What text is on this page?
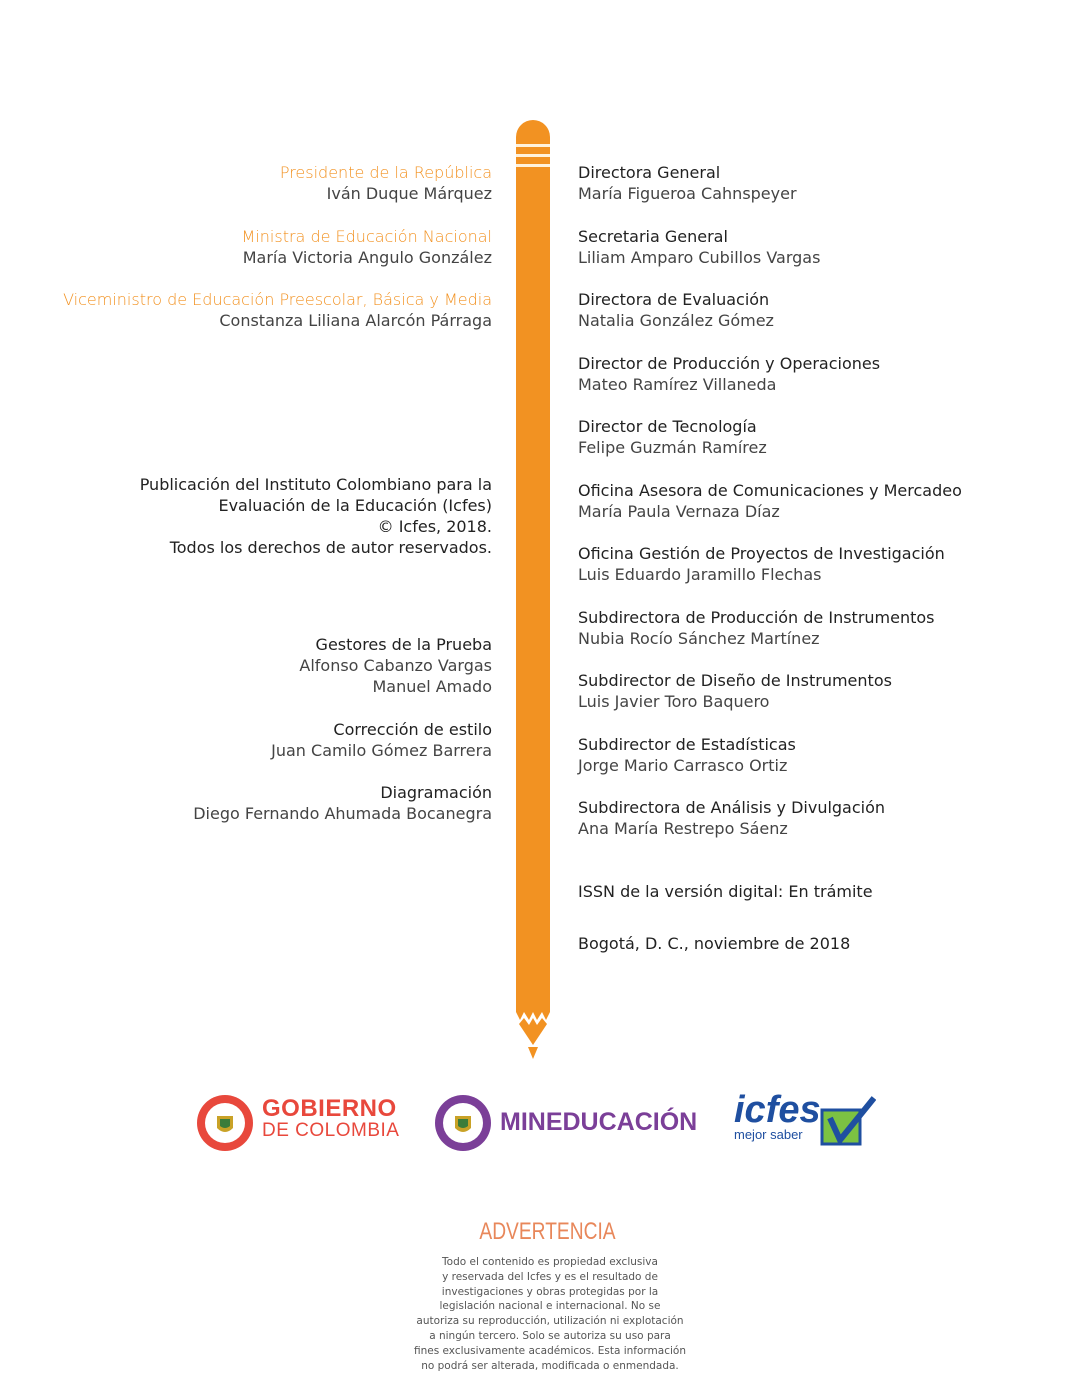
Presidente de la República
Iván Duque Márquez
Ministra de Educación Nacional
María Victoria Angulo González
Viceministro de Educación Preescolar, Básica y Media
Constanza Liliana Alarcón Párraga
Publicación del Instituto Colombiano para la
Evaluación de la Educación (Icfes)
© Icfes, 2018.
Todos los derechos de autor reservados.
Gestores de la Prueba
Alfonso Cabanzo Vargas
Manuel Amado
Corrección de estilo
Juan Camilo Gómez Barrera
Diagramación
Diego Fernando Ahumada Bocanegra
Directora General
María Figueroa Cahnspeyer
Secretaria General
Liliam Amparo Cubillos Vargas
Directora de Evaluación
Natalia González Gómez
Director de Producción y Operaciones
Mateo Ramírez Villaneda
Director de Tecnología
Felipe Guzmán Ramírez
Oficina Asesora de Comunicaciones y Mercadeo
María Paula Vernaza Díaz
Oficina Gestión de Proyectos de Investigación
Luis Eduardo Jaramillo Flechas
Subdirectora de Producción de Instrumentos
Nubia Rocío Sánchez Martínez
Subdirector de Diseño de Instrumentos
Luis Javier Toro Baquero
Subdirector de Estadísticas
Jorge Mario Carrasco Ortiz
Subdirectora de Análisis y Divulgación
Ana María Restrepo Sáenz
ISSN de la versión digital: En trámite
Bogotá, D. C., noviembre de 2018
GOBIERNO
DE COLOMBIA	MINEDUCACIÓN icfes
mejor saber
ADVERTENCIA
Todo el contenido es propiedad exclusiva
y reservada del Icfes y es el resultado de
investigaciones y obras protegidas por la
legislación nacional e internacional. No se
autoriza su reproducción, utilización ni explotación
a ningún tercero. Solo se autoriza su uso para
fines exclusivamente académicos. Esta información
no podrá ser alterada, modificada o enmendada.
